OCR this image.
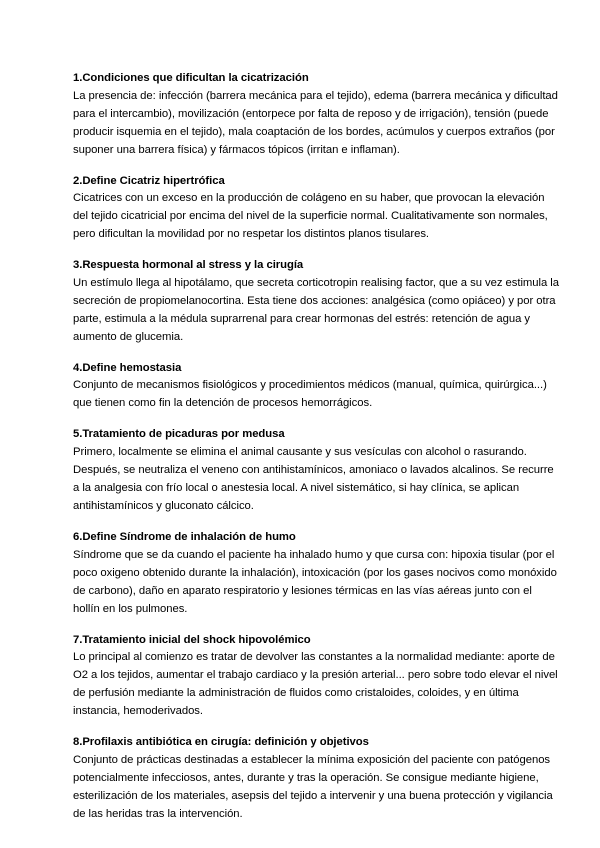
1.Condiciones que dificultan la cicatrización

La presencia de: infección (barrera mecánica para el tejido), edema (barrera mecánica y dificultad para el intercambio), movilización (entorpece por falta de reposo y de irrigación), tensión (puede producir isquemia en el tejido), mala coaptación de los bordes, acúmulos y cuerpos extraños (por suponer una barrera física) y fármacos tópicos (irritan e inflaman).

2.Define Cicatriz hipertrófica

Cicatrices con un exceso en la producción de colágeno en su haber, que provocan la elevación del tejido cicatricial por encima del nivel de la superficie normal. Cualitativamente son normales, pero dificultan la movilidad por no respetar los distintos planos tisulares.

3.Respuesta hormonal al stress y la cirugía

Un estímulo llega al hipotálamo, que secreta corticotropin realising factor, que a su vez estimula la secreción de propiomelanocortina. Esta tiene dos acciones: analgésica (como opiáceo) y por otra parte, estimula a la médula suprarrenal para crear hormonas del estrés: retención de agua y aumento de glucemia.

4.Define hemostasia

Conjunto de mecanismos fisiológicos y procedimientos médicos (manual, química, quirúrgica...) que tienen como fin la detención de procesos hemorrágicos.

5.Tratamiento de picaduras por medusa

Primero, localmente se elimina el animal causante y sus vesículas con alcohol o rasurando. Después, se neutraliza el veneno con antihistamínicos, amoniaco o lavados alcalinos. Se recurre a la analgesia con frío local o anestesia local. A nivel sistemático, si hay clínica, se aplican antihistamínicos y gluconato cálcico.

6.Define Síndrome de inhalación de humo

Síndrome que se da cuando el paciente ha inhalado humo y que cursa con: hipoxia tisular (por el poco oxigeno obtenido durante la inhalación), intoxicación (por los gases nocivos como monóxido de carbono), daño en aparato respiratorio y lesiones térmicas en las vías aéreas junto con el hollín en los pulmones.

7.Tratamiento inicial del shock hipovolémico

Lo principal al comienzo es tratar de devolver las constantes a la normalidad mediante: aporte de O2 a los tejidos, aumentar el trabajo cardiaco y la presión arterial... pero sobre todo elevar el nivel de perfusión mediante la administración de fluidos como cristaloides, coloides, y en última instancia, hemoderivados.

8.Profilaxis antibiótica en cirugía: definición y objetivos

Conjunto de prácticas destinadas a establecer la mínima exposición del paciente con patógenos potencialmente infecciosos, antes, durante y tras la operación. Se consigue mediante higiene, esterilización de los materiales, asepsis del tejido a intervenir y una buena protección y vigilancia de las heridas tras la intervención.
